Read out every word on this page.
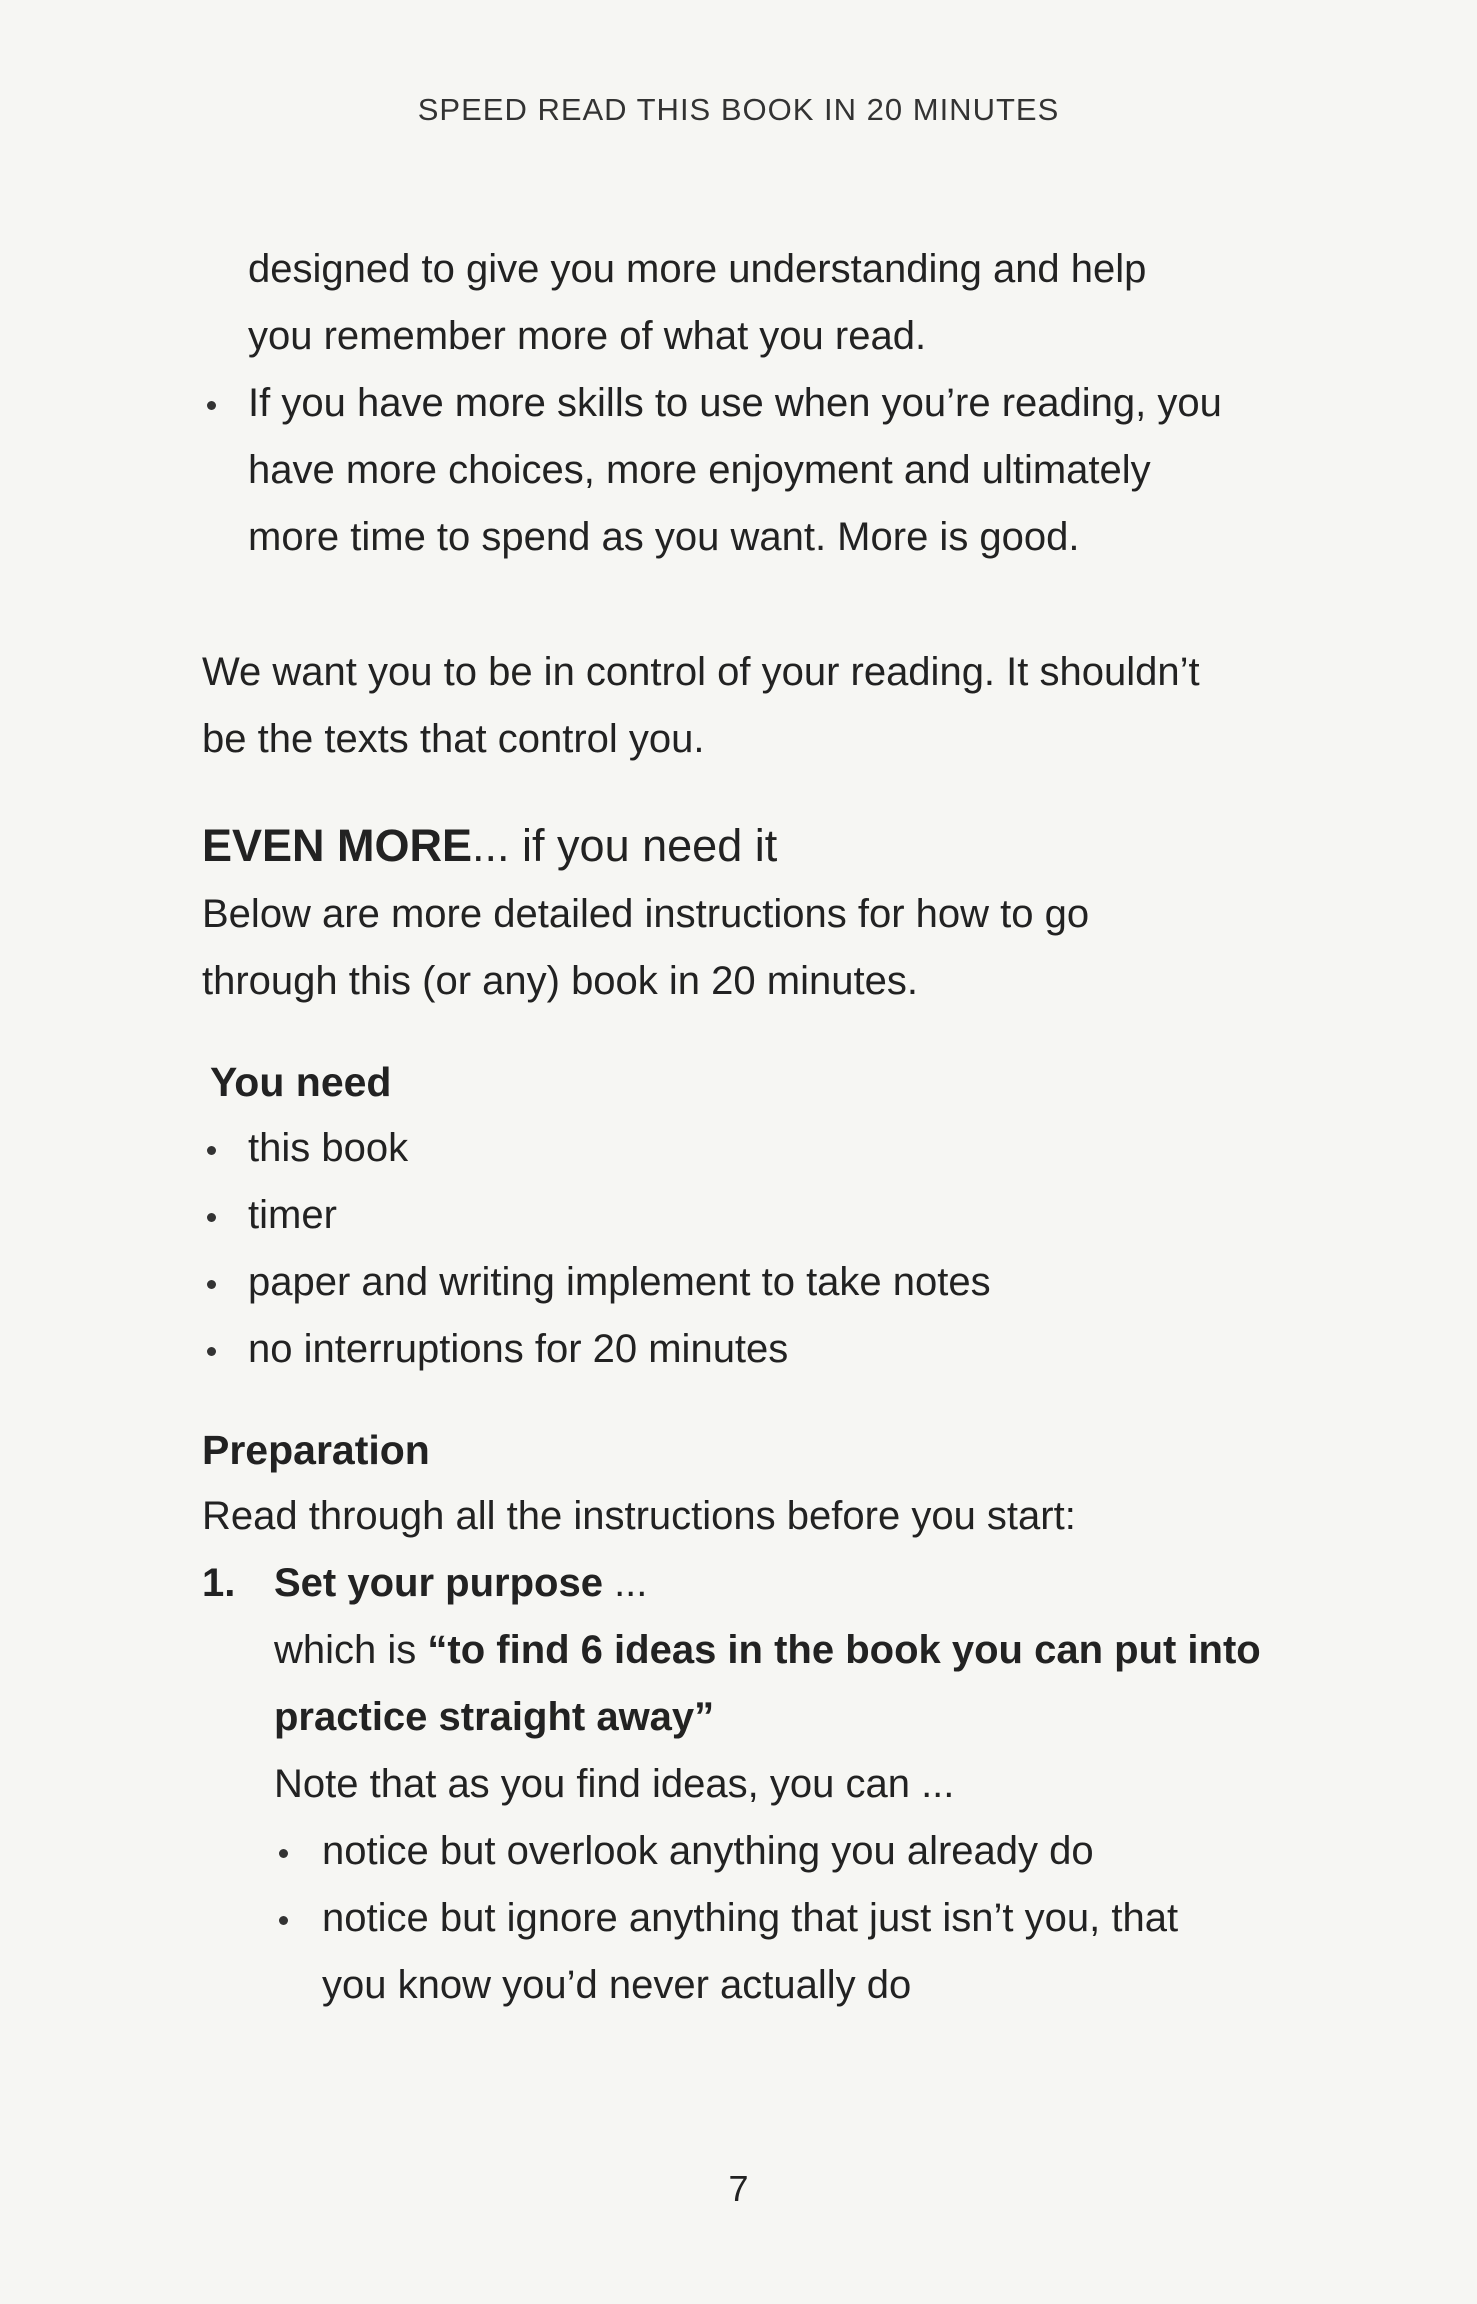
SPEED READ THIS BOOK IN 20 MINUTES

designed to give you more understanding and help

you remember more of what you read.

If you have more skills to use when you’re reading, you

have more choices, more enjoyment and ultimately

more time to spend as you want. More is good.

We want you to be in control of your reading. It shouldn’t

be the texts that control you.

EVEN MORE... if you need it

Below are more detailed instructions for how to go

through this (or any) book in 20 minutes.

You need
this book
timer
paper and writing implement to take notes
no interruptions for 20 minutes
Preparation

Read through all the instructions before you start:

1. Set your purpose ...

which is “to find 6 ideas in the book you can put into

practice straight away”

Note that as you find ideas, you can ...

notice but overlook anything you already do

notice but ignore anything that just isn’t you, that

you know you’d never actually do

7
